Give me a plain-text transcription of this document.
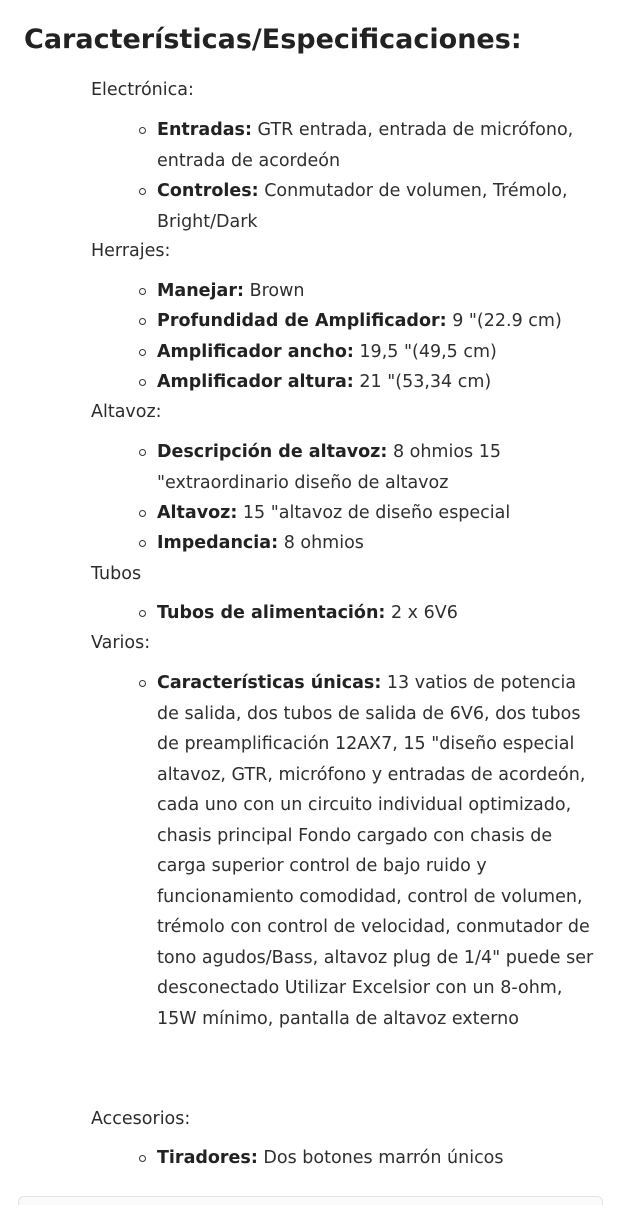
Características/Especificaciones:
Electrónica:
Entradas: GTR entrada, entrada de micrófono, entrada de acordeón
Controles: Conmutador de volumen, Trémolo, Bright/Dark
Herrajes:
Manejar: Brown
Profundidad de Amplificador: 9 "(22.9 cm)
Amplificador ancho: 19,5 "(49,5 cm)
Amplificador altura: 21 "(53,34 cm)
Altavoz:
Descripción de altavoz: 8 ohmios 15 "extraordinario diseño de altavoz
Altavoz: 15 "altavoz de diseño especial
Impedancia: 8 ohmios
Tubos
Tubos de alimentación: 2 x 6V6
Varios:
Características únicas: 13 vatios de potencia de salida, dos tubos de salida de 6V6, dos tubos de preamplificación 12AX7, 15 "diseño especial altavoz, GTR, micrófono y entradas de acordeón, cada uno con un circuito individual optimizado, chasis principal Fondo cargado con chasis de carga superior control de bajo ruido y funcionamiento comodidad, control de volumen, trémolo con control de velocidad, conmutador de tono agudos/Bass, altavoz plug de 1/4" puede ser desconectado Utilizar Excelsior con un 8-ohm, 15W mínimo, pantalla de altavoz externo
Accesorios:
Tiradores: Dos botones marrón únicos
